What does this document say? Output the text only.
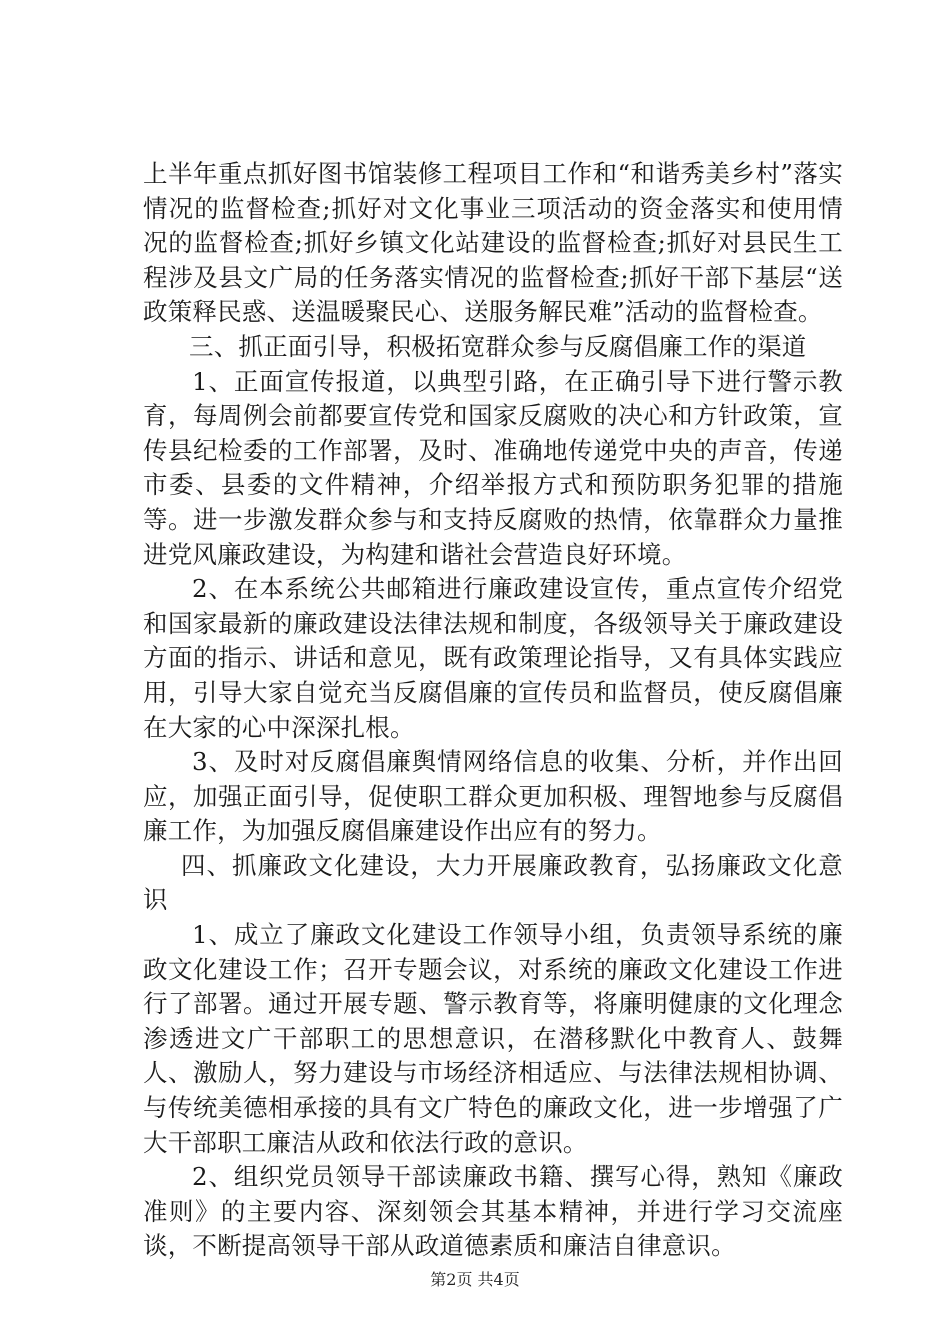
上半年重点抓好图书馆装修工程项目工作和“和谐秀美乡村”落实情况的监督检查;抓好对文化事业三项活动的资金落实和使用情况的监督检查;抓好乡镇文化站建设的监督检查;抓好对县民生工程涉及县文广局的任务落实情况的监督检查;抓好干部下基层“送政策释民惑、送温暖聚民心、送服务解民难”活动的监督检查。

三、抓正面引导，积极拓宽群众参与反腐倡廉工作的渠道

1、正面宣传报道，以典型引路，在正确引导下进行警示教育，每周例会前都要宣传党和国家反腐败的决心和方针政策，宣传县纪检委的工作部署，及时、准确地传递党中央的声音，传递市委、县委的文件精神，介绍举报方式和预防职务犯罪的措施等。进一步激发群众参与和支持反腐败的热情，依靠群众力量推进党风廉政建设，为构建和谐社会营造良好环境。

2、在本系统公共邮箱进行廉政建设宣传，重点宣传介绍党和国家最新的廉政建设法律法规和制度，各级领导关于廉政建设方面的指示、讲话和意见，既有政策理论指导，又有具体实践应用，引导大家自觉充当反腐倡廉的宣传员和监督员，使反腐倡廉在大家的心中深深扎根。

3、及时对反腐倡廉舆情网络信息的收集、分析，并作出回应，加强正面引导，促使职工群众更加积极、理智地参与反腐倡廉工作，为加强反腐倡廉建设作出应有的努力。

四、抓廉政文化建设，大力开展廉政教育，弘扬廉政文化意识

1、成立了廉政文化建设工作领导小组，负责领导系统的廉政文化建设工作；召开专题会议，对系统的廉政文化建设工作进行了部署。通过开展专题、警示教育等，将廉明健康的文化理念渗透进文广干部职工的思想意识，在潜移默化中教育人、鼓舞人、激励人，努力建设与市场经济相适应、与法律法规相协调、与传统美德相承接的具有文广特色的廉政文化，进一步增强了广大干部职工廉洁从政和依法行政的意识。

2、组织党员领导干部读廉政书籍、撰写心得，熟知《廉政准则》的主要内容、深刻领会其基本精神，并进行学习交流座谈，不断提高领导干部从政道德素质和廉洁自律意识。

第2页 共4页
